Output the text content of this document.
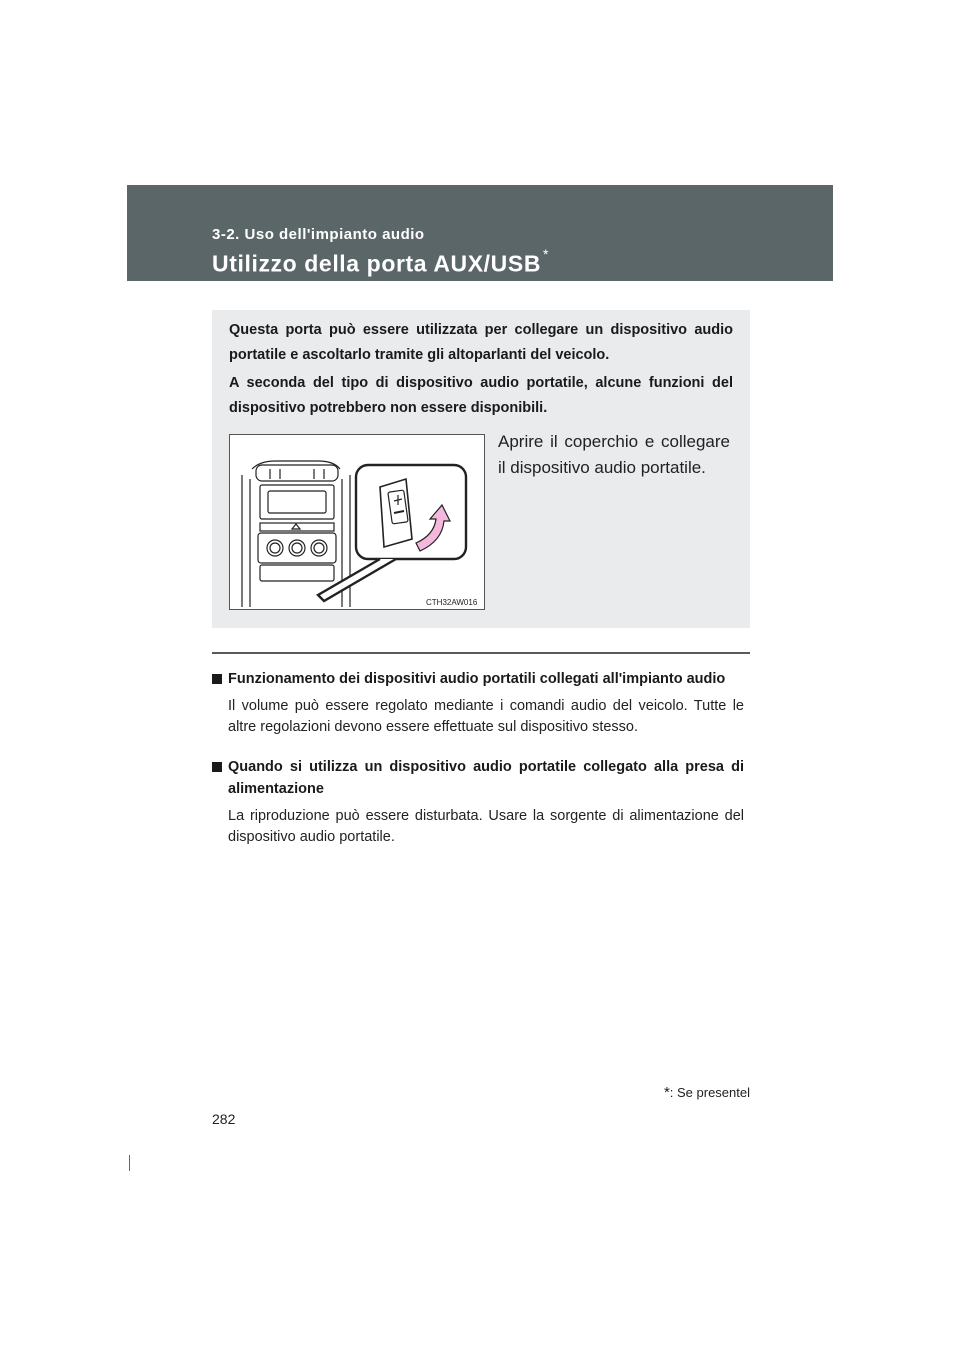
3-2. Uso dell'impianto audio
Utilizzo della porta AUX/USB *

Questa porta può essere utilizzata per collegare un dispositivo audio portatile e ascoltarlo tramite gli altoparlanti del veicolo.

A seconda del tipo di dispositivo audio portatile, alcune funzioni del dispositivo potrebbero non essere disponibili.

CTH32AW016

Aprire il coperchio e collegare il dispositivo audio portatile.

Funzionamento dei dispositivi audio portatili collegati all'impianto audio

Il volume può essere regolato mediante i comandi audio del veicolo. Tutte le altre regolazioni devono essere effettuate sul dispositivo stesso.

Quando si utilizza un dispositivo audio portatile collegato alla presa di alimentazione

La riproduzione può essere disturbata. Usare la sorgente di alimentazione del dispositivo audio portatile.

*: Se presentel
282
